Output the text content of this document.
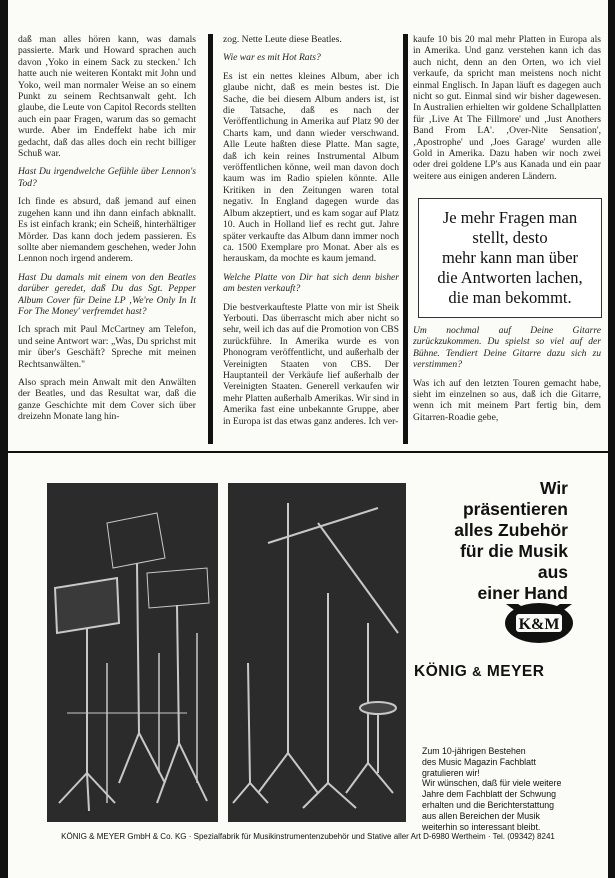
daß man alles hören kann, was damals passierte. Mark und Howard sprachen auch davon ,Yoko in einem Sack zu stecken.' Ich hatte auch nie weiteren Kontakt mit John und Yoko, weil man normaler Weise an so einem Punkt zu seinem Rechtsanwalt geht. Ich glaube, die Leute von Capitol Records stellten auch ein paar Fragen, warum das so gemacht wurde. Aber im Endeffekt habe ich mir gedacht, daß das alles doch ein recht billiger Schuß war.

Hast Du irgendwelche Gefühle über Lennon's Tod?

Ich finde es absurd, daß jemand auf einen zugehen kann und ihn dann einfach abknallt. Es ist einfach krank; ein Scheiß, hinterhältiger Mörder. Das kann doch jedem passieren. Es sollte aber niemandem geschehen, weder John Lennon noch irgend anderem.

Hast Du damals mit einem von den Beatles darüber geredet, daß Du das Sgt. Pepper Album Cover für Deine LP ‚We're Only In It For The Money' verfremdet hast?

Ich sprach mit Paul McCartney am Telefon, und seine Antwort war: „Was, Du sprichst mit mir über's Geschäft? Spreche mit meinen Rechtsanwälten."

Also sprach mein Anwalt mit den Anwälten der Beatles, und das Resultat war, daß die ganze Geschichte mit dem Cover sich über dreizehn Monate lang hin-

zog. Nette Leute diese Beatles.

Wie war es mit Hot Rats?

Es ist ein nettes kleines Album, aber ich glaube nicht, daß es mein bestes ist. Die Sache, die bei diesem Album anders ist, ist die Tatsache, daß es nach der Veröffentlichung in Amerika auf Platz 90 der Charts kam, und dann wieder verschwand. Alle Leute haßten diese Platte. Man sagte, daß ich kein reines Instrumental Album veröffentlichen könne, weil man davon doch kaum was im Radio spielen könnte. Alle Kritiken in den Zeitungen waren total negativ. In England dagegen wurde das Album akzeptiert, und es kam sogar auf Platz 10. Auch in Holland lief es recht gut. Jahre später verkaufte das Album dann immer noch ca. 1500 Exemplare pro Monat. Aber als es herauskam, da mochte es kaum jemand.

Welche Platte von Dir hat sich denn bisher am besten verkauft?

Die bestverkaufteste Platte von mir ist Sheik Yerbouti. Das überrascht mich aber nicht so sehr, weil ich das auf die Promotion von CBS zurückführe. In Amerika wurde es von Phonogram veröffentlicht, und außerhalb der Vereinigten Staaten von CBS. Der Hauptanteil der Verkäufe lief außerhalb der Vereinigten Staaten. Generell verkaufen wir mehr Platten außerhalb Amerikas. Wir sind in Amerika fast eine unbekannte Gruppe, aber in Europa ist das etwas ganz anderes. Ich ver-

kaufe 10 bis 20 mal mehr Platten in Europa als in Amerika. Und ganz verstehen kann ich das auch nicht, denn an den Orten, wo ich viel verkaufe, da spricht man meistens noch nicht einmal Englisch. In Japan läuft es dagegen auch nicht so gut. Einmal sind wir bisher dagewesen. In Australien erhielten wir goldene Schallplatten für ‚Live At The Fillmore' und ‚Just Anothers Band From LA'. ‚Over-Nite Sensation', ‚Apostrophe' und ‚Joes Garage' wurden alle Gold in Amerika. Dazu haben wir noch zwei oder drei goldene LP's aus Kanada und ein paar weitere aus einigen anderen Ländern.

Je mehr Fragen man
stellt, desto
mehr kann man über
die Antworten lachen,
die man bekommt.

Um nochmal auf Deine Gitarre zurückzukommen. Du spielst so viel auf der Bühne. Tendiert Deine Gitarre dazu sich zu verstimmen?

Was ich auf den letzten Touren gemacht habe, sieht im einzelnen so aus, daß ich die Gitarre, wenn ich mit meinem Part fertig bin, dem Gitarren-Roadie gebe,

Wir
präsentieren
alles Zubehör
für die Musik
aus
einer Hand
K&M
KÖNIG & MEYER
Zum 10-jährigen Bestehen
des Music Magazin Fachblatt
gratulieren wir!
Wir wünschen, daß für viele weitere
Jahre dem Fachblatt der Schwung
erhalten und die Berichterstattung
aus allen Bereichen der Musik
weiterhin so interessant bleibt.
KÖNIG & MEYER GmbH & Co. KG · Spezialfabrik für Musikinstrumentenzubehör und Stative aller Art D-6980 Wertheim · Tel. (09342) 8241
